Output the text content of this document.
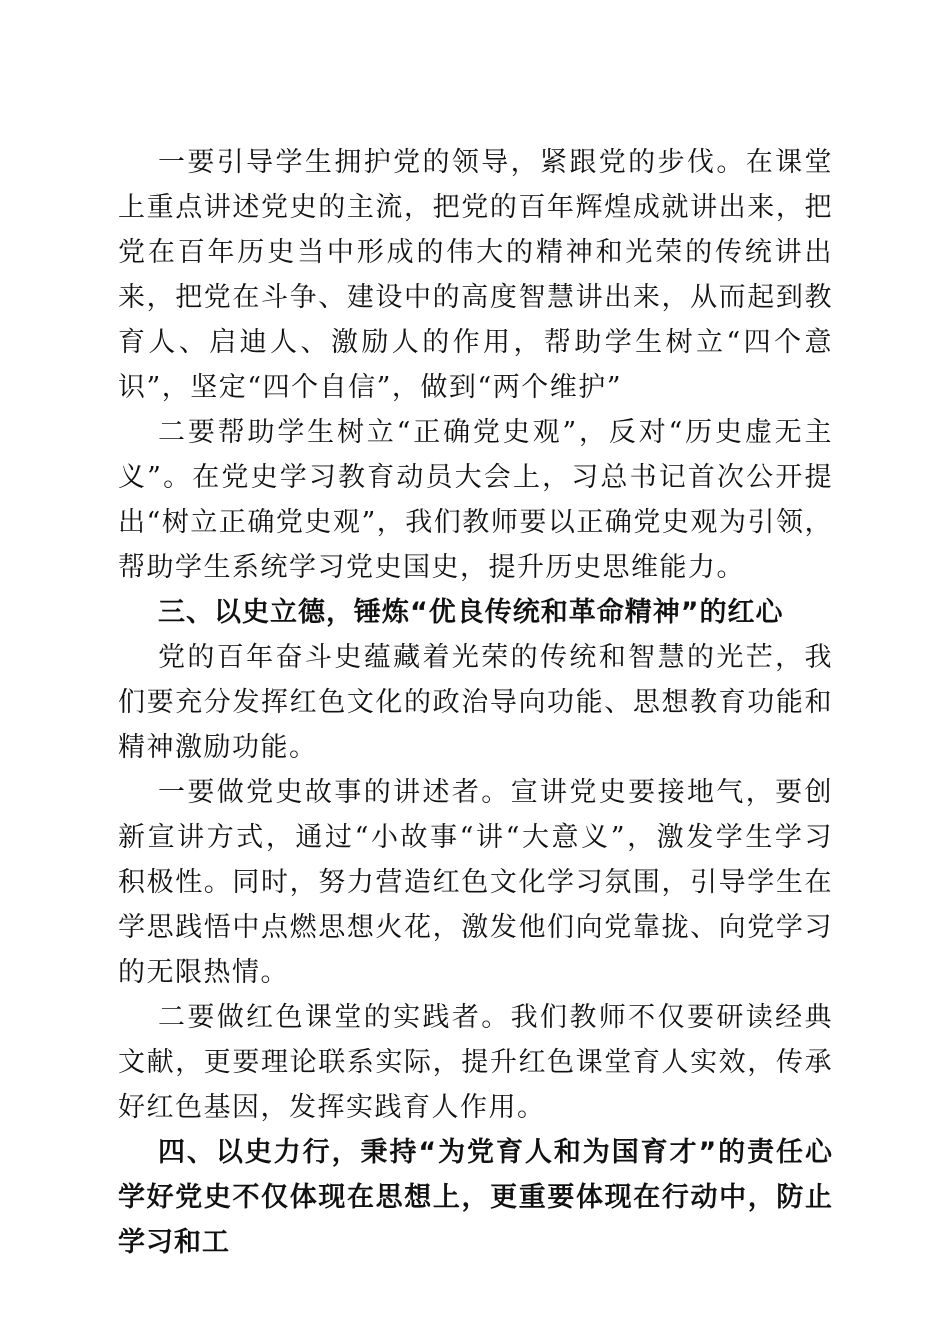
一要引导学生拥护党的领导，紧跟党的步伐。在课堂上重点讲述党史的主流，把党的百年辉煌成就讲出来，把党在百年历史当中形成的伟大的精神和光荣的传统讲出来，把党在斗争、建设中的高度智慧讲出来，从而起到教育人、启迪人、激励人的作用，帮助学生树立“四个意识”，坚定“四个自信”，做到“两个维护”

二要帮助学生树立“正确党史观”，反对“历史虚无主义”。在党史学习教育动员大会上，习总书记首次公开提出“树立正确党史观”，我们教师要以正确党史观为引领，帮助学生系统学习党史国史，提升历史思维能力。

三、以史立德，锤炼“优良传统和革命精神”的红心

党的百年奋斗史蕴藏着光荣的传统和智慧的光芒，我们要充分发挥红色文化的政治导向功能、思想教育功能和精神激励功能。

一要做党史故事的讲述者。宣讲党史要接地气，要创新宣讲方式，通过“小故事“讲“大意义”，激发学生学习积极性。同时，努力营造红色文化学习氛围，引导学生在学思践悟中点燃思想火花，激发他们向党靠拢、向党学习的无限热情。

二要做红色课堂的实践者。我们教师不仅要研读经典文献，更要理论联系实际，提升红色课堂育人实效，传承好红色基因，发挥实践育人作用。

四、以史力行，秉持“为党育人和为国育才”的责任心学好党史不仅体现在思想上，更重要体现在行动中，防止学习和工
